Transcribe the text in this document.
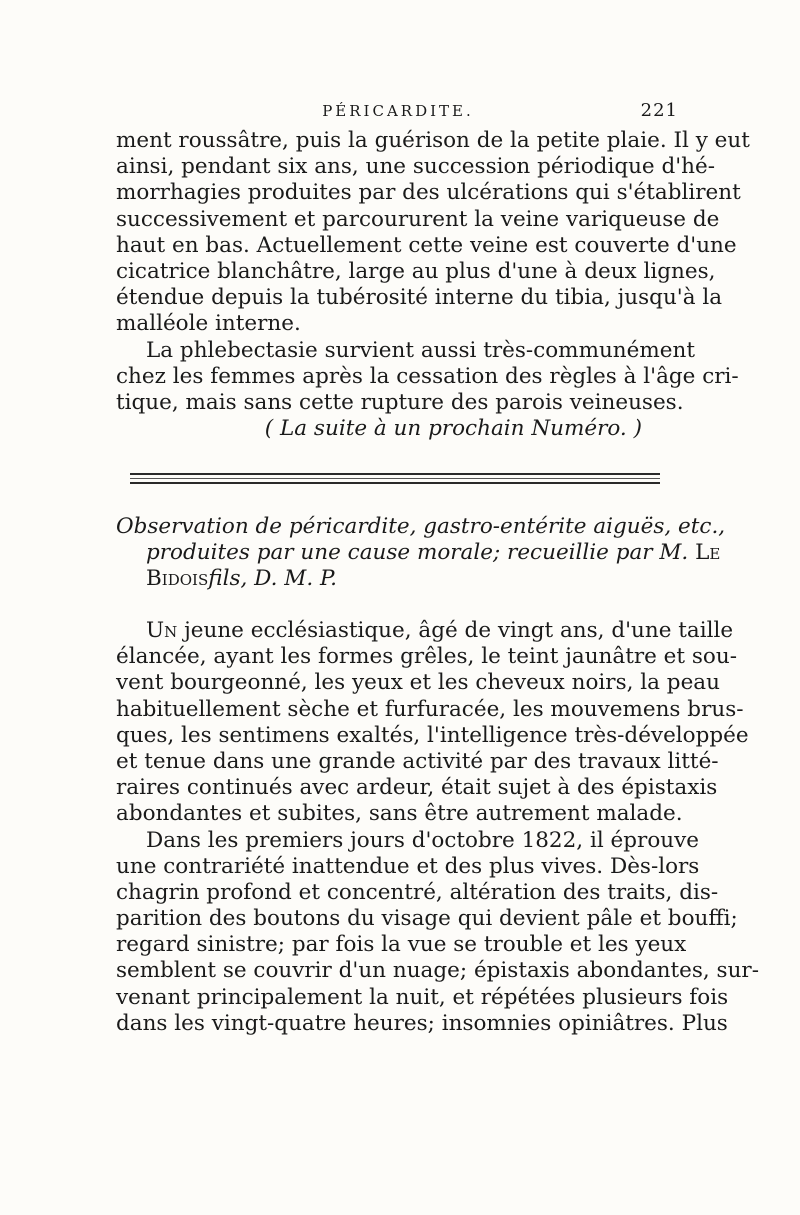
PÉRICARDITE.	221
ment roussâtre, puis la guérison de la petite plaie. Il y eut
ainsi, pendant six ans, une succession périodique d'hé-
morrhagies produites par des ulcérations qui s'établirent
successivement et parcoururent la veine variqueuse de
haut en bas. Actuellement cette veine est couverte d'une
cicatrice blanchâtre, large au plus d'une à deux lignes,
étendue depuis la tubérosité interne du tibia, jusqu'à la
malléole interne.
La phlebectasie survient aussi très-communément
chez les femmes après la cessation des règles à l'âge cri-
tique, mais sans cette rupture des parois veineuses.
( La suite à un prochain Numéro. )
Observation de péricardite, gastro-entérite aiguës, etc.,
produites par une cause morale; recueillie par M. Le
Bidoisfils, D. M. P.
Un jeune ecclésiastique, âgé de vingt ans, d'une taille
élancée, ayant les formes grêles, le teint jaunâtre et sou-
vent bourgeonné, les yeux et les cheveux noirs, la peau
habituellement sèche et furfuracée, les mouvemens brus-
ques, les sentimens exaltés, l'intelligence très-développée
et tenue dans une grande activité par des travaux litté-
raires continués avec ardeur, était sujet à des épistaxis
abondantes et subites, sans être autrement malade.
Dans les premiers jours d'octobre 1822, il éprouve
une contrariété inattendue et des plus vives. Dès-lors
chagrin profond et concentré, altération des traits, dis-
parition des boutons du visage qui devient pâle et bouffi;
regard sinistre; par fois la vue se trouble et les yeux
semblent se couvrir d'un nuage; épistaxis abondantes, sur-
venant principalement la nuit, et répétées plusieurs fois
dans les vingt-quatre heures; insomnies opiniâtres. Plus
